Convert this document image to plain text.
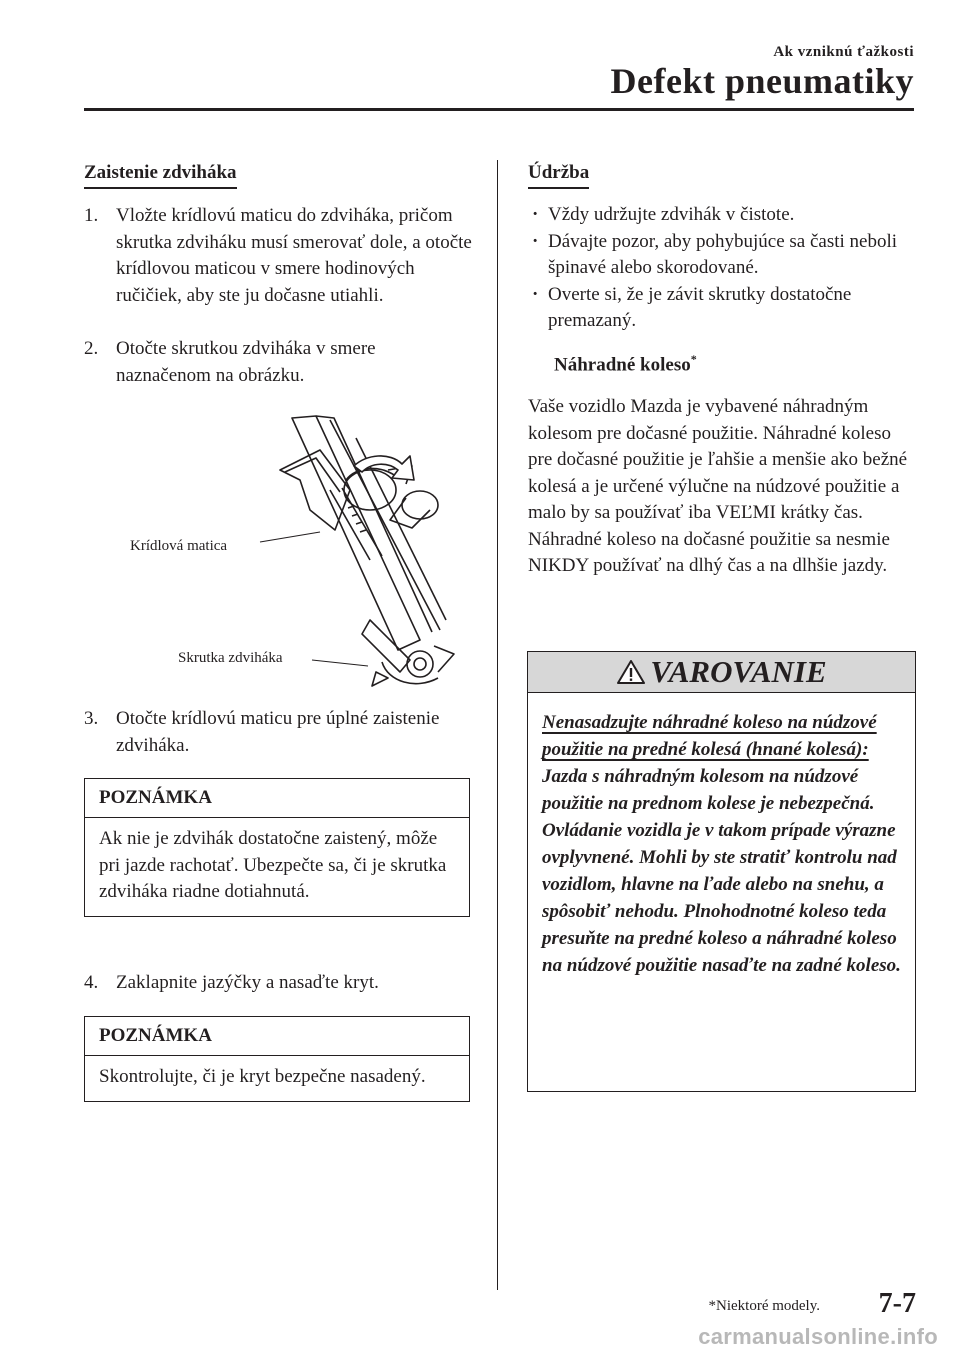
Ak vzniknú ťažkosti
Defekt pneumatiky
Zaistenie zdviháka
1. Vložte krídlovú maticu do zdviháka, pričom skrutka zdviháku musí smerovať dole, a otočte krídlovou maticou v smere hodinových ručičiek, aby ste ju dočasne utiahli.
2. Otočte skrutkou zdviháka v smere naznačenom na obrázku.
Krídlová matica
Skrutka zdviháka
3. Otočte krídlovú maticu pre úplné zaistenie zdviháka.
POZNÁMKA
Ak nie je zdvihák dostatočne zaistený, môže pri jazde rachotať. Ubezpečte sa, či je skrutka zdviháka riadne dotiahnutá.
4. Zaklapnite jazýčky a nasaďte kryt.
POZNÁMKA
Skontrolujte, či je kryt bezpečne nasadený.
Údržba
· Vždy udržujte zdvihák v čistote.
· Dávajte pozor, aby pohybujúce sa časti neboli špinavé alebo skorodované.
· Overte si, že je závit skrutky dostatočne premazaný.
Náhradné koleso*
Vaše vozidlo Mazda je vybavené náhradným kolesom pre dočasné použitie. Náhradné koleso pre dočasné použitie je ľahšie a menšie ako bežné kolesá a je určené výlučne na núdzové použitie a malo by sa používať iba VEĽMI krátky čas. Náhradné koleso na dočasné použitie sa nesmie NIKDY používať na dlhý čas a na dlhšie jazdy.
VAROVANIE
Nenasadzujte náhradné koleso na núdzové použitie na predné kolesá (hnané kolesá):
Jazda s náhradným kolesom na núdzové použitie na prednom kolese je nebezpečná. Ovládanie vozidla je v takom prípade výrazne ovplyvnené. Mohli by ste stratiť kontrolu nad vozidlom, hlavne na ľade alebo na snehu, a spôsobiť nehodu. Plnohodnotné koleso teda presuňte na predné koleso a náhradné koleso na núdzové použitie nasaďte na zadné koleso.
*Niektoré modely. 7-7
carmanualsonline.info
